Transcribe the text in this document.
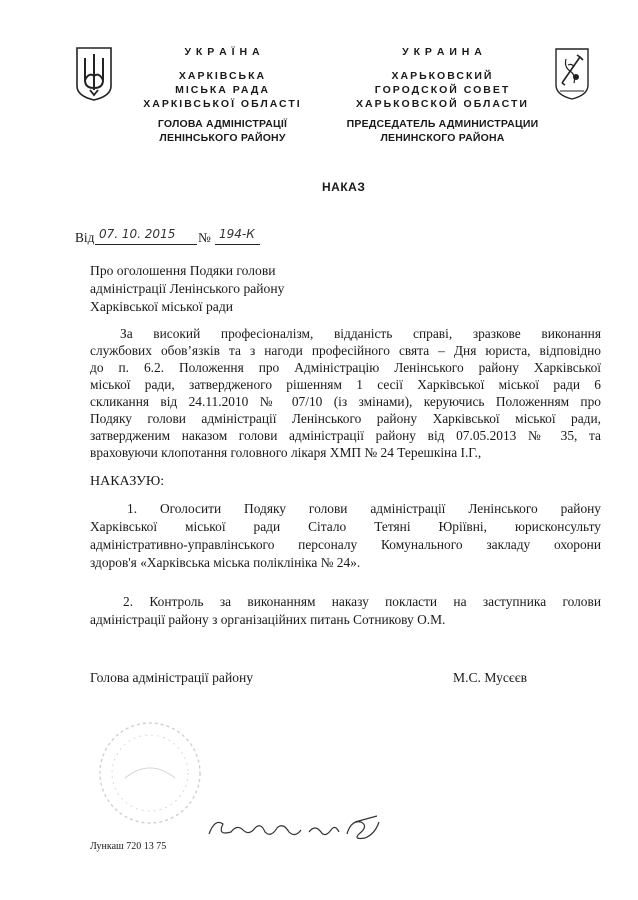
У К Р А Ї Н А
ХАРКІВСЬКА
МІСЬКА РАДА
ХАРКІВСЬКОЇ ОБЛАСТІ
ГОЛОВА АДМІНІСТРАЦІЇ
ЛЕНІНСЬКОГО РАЙОНУ
У К Р А И Н А
ХАРЬКОВСКИЙ
ГОРОДСКОЙ СОВЕТ
ХАРЬКОВСКОЙ ОБЛАСТИ
ПРЕДСЕДАТЕЛЬ АДМИНИСТРАЦИИ
ЛЕНИНСКОГО РАЙОНА
НАКАЗ
Від 07. 10. 2015 № 194-К
Про оголошення Подяки голови
адміністрації Ленінського району
Харківської міської ради
За високий професіоналізм, відданість справі, зразкове виконання
службових обов’язків та з нагоди професійного свята – Дня юриста, відповідно
до п. 6.2. Положення про Адміністрацію Ленінського району Харківської
міської ради, затвердженого рішенням 1 сесії Харківської міської ради 6
скликання від 24.11.2010 № 07/10 (із змінами), керуючись Положенням про
Подяку голови адміністрації Ленінського району Харківської міської ради,
затвердженим наказом голови адміністрації району від 07.05.2013 № 35, та
враховуючи клопотання головного лікаря ХМП № 24 Терешкіна І.Г.,
НАКАЗУЮ:
1. Оголосити Подяку голови адміністрації Ленінського району
Харківської міської ради Сітало Тетяні Юріївні, юрисконсульту
адміністративно-управлінського персоналу Комунального закладу охорони
здоров'я «Харківська міська поліклініка № 24».
2. Контроль за виконанням наказу покласти на заступника голови
адміністрації району з організаційних питань Сотникову О.М.
Голова адміністрації району	М.С. Мусєєв
Лункаш 720 13 75
